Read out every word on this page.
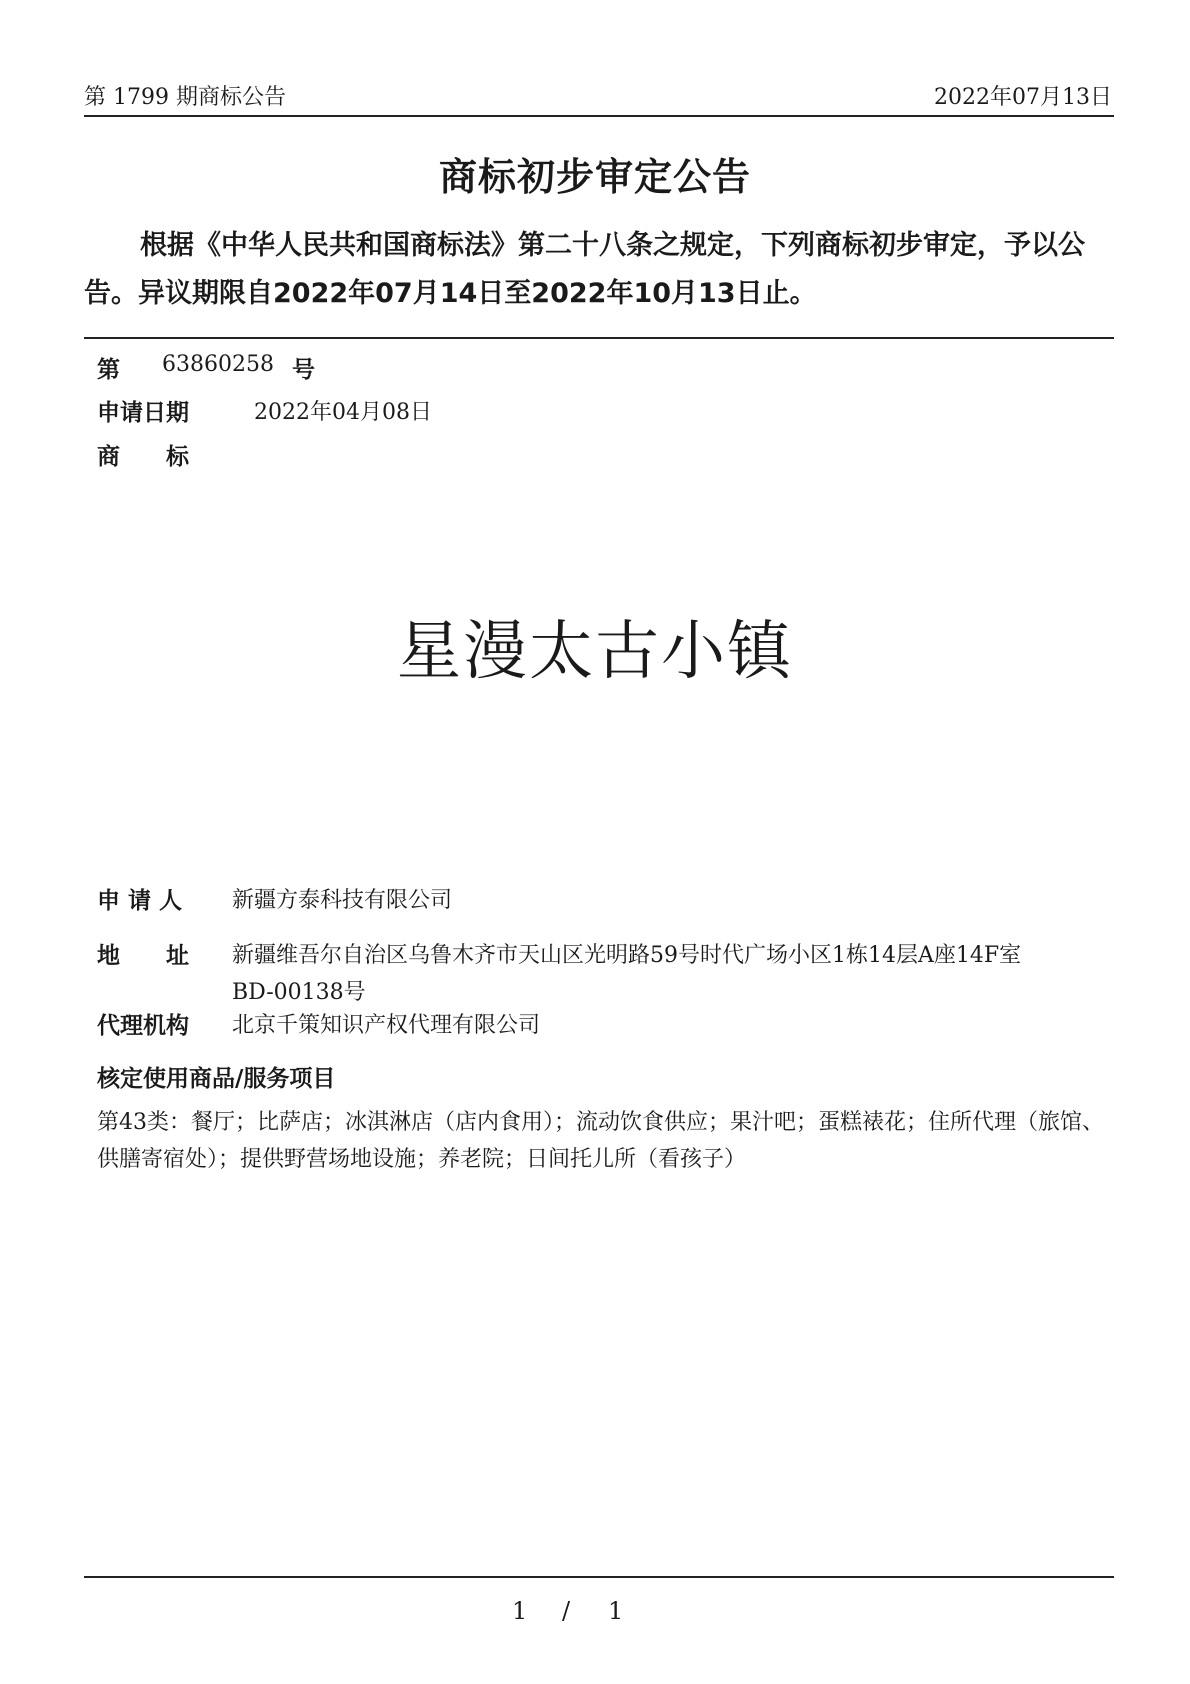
第 1799 期商标公告	2022年07月13日
商标初步审定公告
根据《中华人民共和国商标法》第二十八条之规定，下列商标初步审定，予以公告。异议期限自2022年07月14日至2022年10月13日止。
第 63860258 号
申请日期	2022年04月08日
商　　标
星漫太古小镇
申 请 人 新疆方泰科技有限公司
地　　址 新疆维吾尔自治区乌鲁木齐市天山区光明路59号时代广场小区1栋14层A座14F室
BD-00138号
代理机构 北京千策知识产权代理有限公司
核定使用商品/服务项目
第43类：餐厅；比萨店；冰淇淋店（店内食用）；流动饮食供应；果汁吧；蛋糕裱花；住所代理（旅馆、供膳寄宿处）；提供野营场地设施；养老院；日间托儿所（看孩子）
1 / 1
